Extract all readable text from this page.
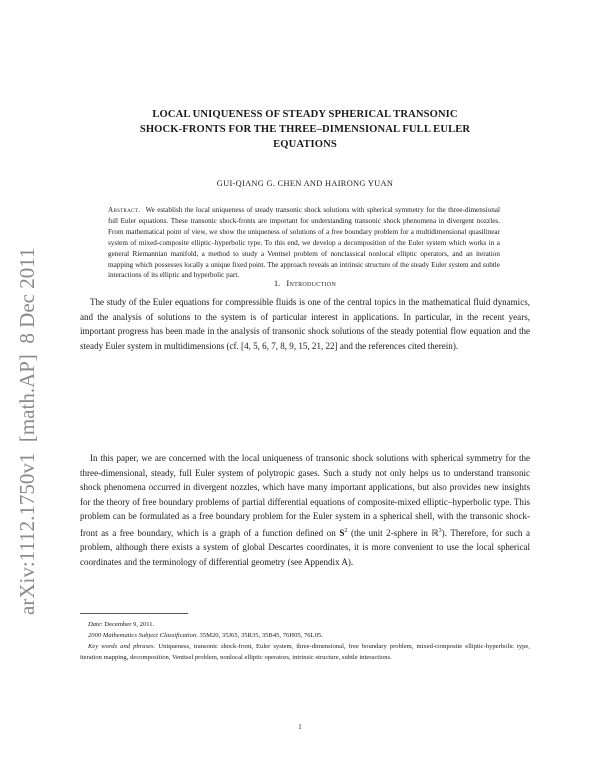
arXiv:1112.1750v1  [math.AP]  8 Dec 2011
LOCAL UNIQUENESS OF STEADY SPHERICAL TRANSONIC
SHOCK-FRONTS FOR THE THREE–DIMENSIONAL FULL EULER
EQUATIONS
GUI-QIANG G. CHEN AND HAIRONG YUAN
Abstract. We establish the local uniqueness of steady transonic shock solutions with spherical symmetry for the three-dimensional full Euler equations. These transonic shock-fronts are important for understanding transonic shock phenomena in divergent nozzles. From mathematical point of view, we show the uniqueness of solutions of a free boundary problem for a multidimensional quasilinear system of mixed-composite elliptic–hyperbolic type. To this end, we develop a decomposition of the Euler system which works in a general Riemannian manifold, a method to study a Venttsel problem of nonclassical nonlocal elliptic operators, and an iteration mapping which possesses locally a unique fixed point. The approach reveals an intrinsic structure of the steady Euler system and subtle interactions of its elliptic and hyperbolic part.
1. Introduction
The study of the Euler equations for compressible fluids is one of the central topics in the mathematical fluid dynamics, and the analysis of solutions to the system is of particular interest in applications. In particular, in the recent years, important progress has been made in the analysis of transonic shock solutions of the steady potential flow equation and the steady Euler system in multidimensions (cf. [4, 5, 6, 7, 8, 9, 15, 21, 22] and the references cited therein).
In this paper, we are concerned with the local uniqueness of transonic shock solutions with spherical symmetry for the three-dimensional, steady, full Euler system of polytropic gases. Such a study not only helps us to understand transonic shock phenomena occurred in divergent nozzles, which have many important applications, but also provides new insights for the theory of free boundary problems of partial differential equations of composite-mixed elliptic–hyperbolic type. This problem can be formulated as a free boundary problem for the Euler system in a spherical shell, with the transonic shock-front as a free boundary, which is a graph of a function defined on $S^2$ (the unit 2-sphere in ℝ$^3$). Therefore, for such a problem, although there exists a system of global Descartes coordinates, it is more convenient to use the local spherical coordinates and the terminology of differential geometry (see Appendix A).
Date: December 9, 2011.
2000 Mathematics Subject Classification. 35M20, 35J65, 35R35, 35B45, 76H05, 76L05.
Key words and phrases. Uniqueness, transonic shock-front, Euler system, three-dimensional, free boundary problem, mixed-composite elliptic-hyperbolic type, iteration mapping, decomposition, Venttsel problem, nonlocal elliptic operators, intrinsic structure, subtle interactions.
1
